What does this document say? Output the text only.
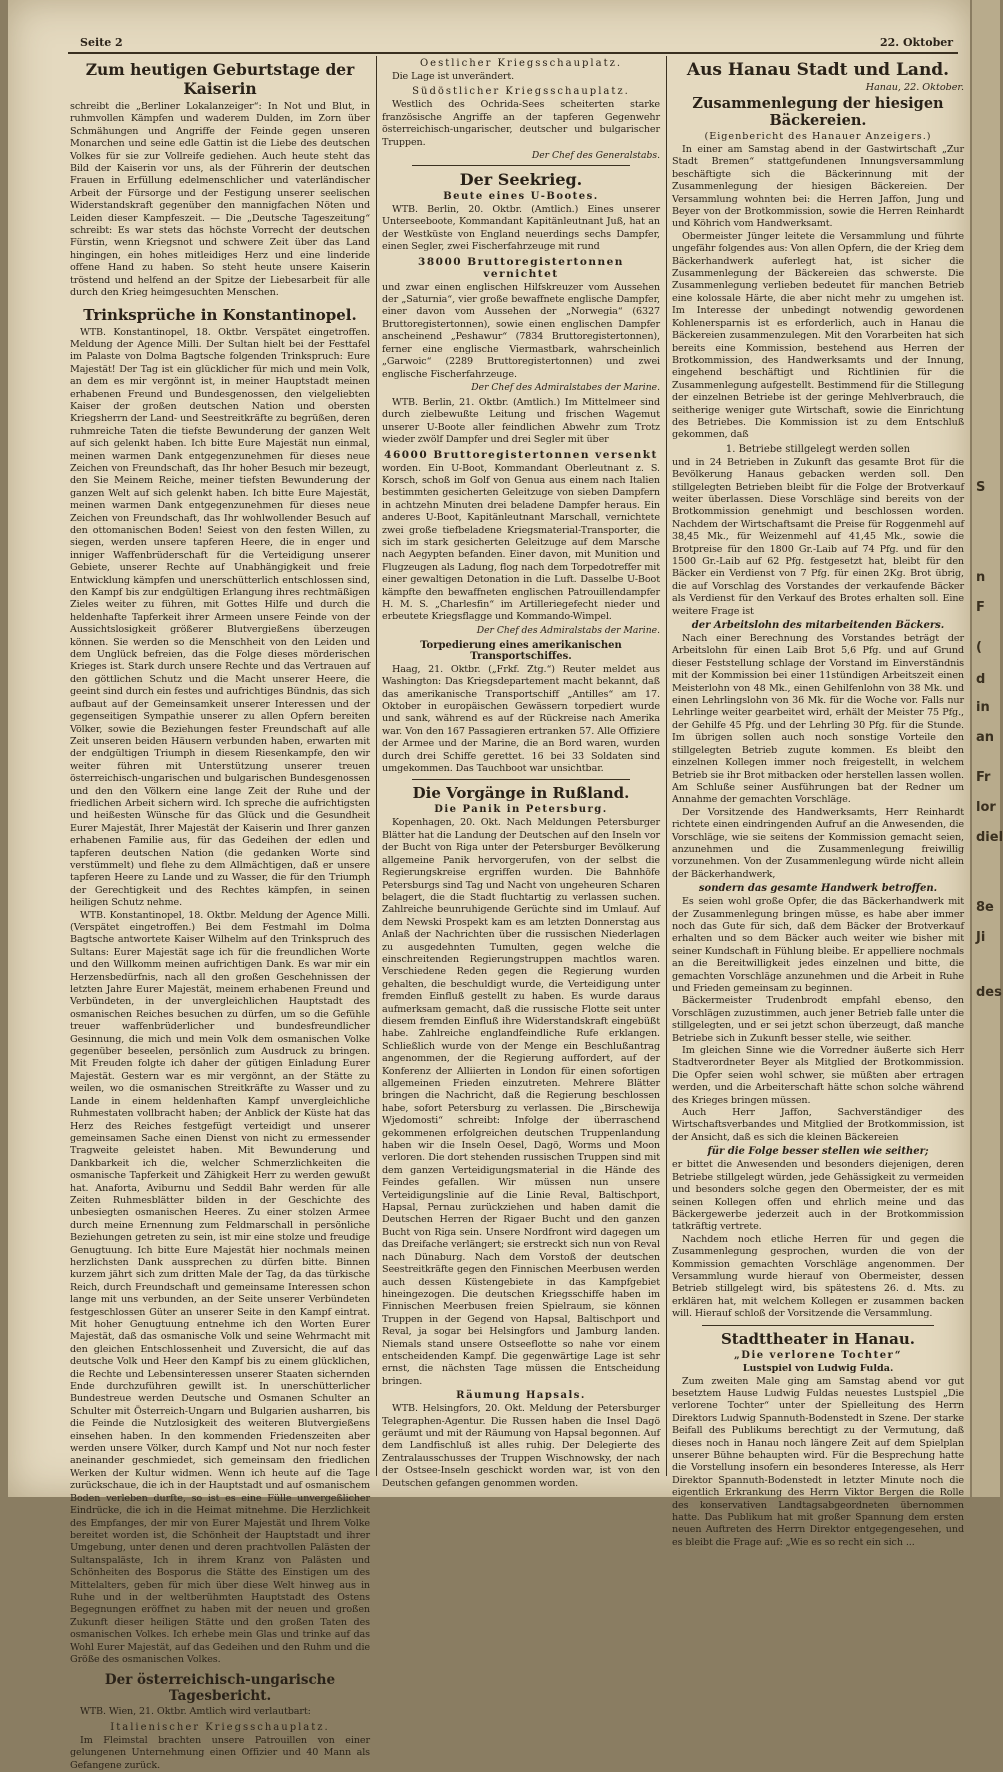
Seite 2	22. Oktober
Zum heutigen Geburtstage der Kaiserin

schreibt die „Berliner Lokalanzeiger“: In Not und Blut, in ruhmvollen Kämpfen und waderem Dulden, im Zorn über Schmähungen und Angriffe der Feinde gegen unseren Monarchen und seine edle Gattin ist die Liebe des deutschen Volkes für sie zur Vollreife gediehen. Auch heute steht das Bild der Kaiserin vor uns, als der Führerin der deutschen Frauen in Erfüllung edelmenschlicher und vaterländischer Arbeit der Fürsorge und der Festigung unserer seelischen Widerstandskraft gegenüber den mannigfachen Nöten und Leiden dieser Kampfeszeit. — Die „Deutsche Tageszeitung“ schreibt: Es war stets das höchste Vorrecht der deutschen Fürstin, wenn Kriegsnot und schwere Zeit über das Land hingingen, ein hohes mitleidiges Herz und eine linderide offene Hand zu haben. So steht heute unsere Kaiserin tröstend und helfend an der Spitze der Liebesarbeit für alle durch den Krieg heimgesuchten Menschen.

Trinksprüche in Konstantinopel.

WTB. Konstantinopel, 18. Oktbr. Verspätet eingetroffen. Meldung der Agence Milli. Der Sultan hielt bei der Festtafel im Palaste von Dolma Bagtsche folgenden Trinkspruch: Eure Majestät! Der Tag ist ein glücklicher für mich und mein Volk, an dem es mir vergönnt ist, in meiner Hauptstadt meinen erhabenen Freund und Bundesgenossen, den vielgeliebten Kaiser der großen deutschen Nation und obersten Kriegsherrn der Land- und Seestreitkräfte zu begrüßen, deren ruhmreiche Taten die tiefste Bewunderung der ganzen Welt auf sich gelenkt haben. Ich bitte Eure Majestät nun einmal, meinen warmen Dank entgegenzunehmen für dieses neue Zeichen von Freundschaft, das Ihr hoher Besuch mir bezeugt, den Sie Meinem Reiche, meiner tiefsten Bewunderung der ganzen Welt auf sich gelenkt haben. Ich bitte Eure Majestät, meinen warmen Dank entgegenzunehmen für dieses neue Zeichen von Freundschaft, das Ihr wohlwollender Besuch auf den ottomanischen Boden! Seiest von den festen Willen, zu siegen, werden unsere tapferen Heere, die in enger und inniger Waffenbrüderschaft für die Verteidigung unserer Gebiete, unserer Rechte auf Unabhängigkeit und freie Entwicklung kämpfen und unerschütterlich entschlossen sind, den Kampf bis zur endgültigen Erlangung ihres rechtmäßigen Zieles weiter zu führen, mit Gottes Hilfe und durch die heldenhafte Tapferkeit ihrer Armeen unsere Feinde von der Aussichtslosigkeit größerer Blutvergießens überzeugen können. Sie werden so die Menschheit von den Leiden und dem Unglück befreien, das die Folge dieses mörderischen Krieges ist. Stark durch unsere Rechte und das Vertrauen auf den göttlichen Schutz und die Macht unserer Heere, die geeint sind durch ein festes und aufrichtiges Bündnis, das sich aufbaut auf der Gemeinsamkeit unserer Interessen und der gegenseitigen Sympathie unserer zu allen Opfern bereiten Völker, sowie die Beziehungen fester Freundschaft auf alle Zeit unseren beiden Häusern verbunden haben, erwarten mit der endgültigen Triumph in diesem Riesenkampfe, den wir weiter führen mit Unterstützung unserer treuen österreichisch-ungarischen und bulgarischen Bundesgenossen und den den Völkern eine lange Zeit der Ruhe und der friedlichen Arbeit sichern wird. Ich spreche die aufrichtigsten und heißesten Wünsche für das Glück und die Gesundheit Eurer Majestät, Ihrer Majestät der Kaiserin und Ihrer ganzen erhabenen Familie aus, für das Gedeihen der edlen und tapferen deutschen Nation (die gedanken Worte sind verstümmelt) und flehe zu dem Allmächtigen, daß er unsere tapferen Heere zu Lande und zu Wasser, die für den Triumph der Gerechtigkeit und des Rechtes kämpfen, in seinen heiligen Schutz nehme.

WTB. Konstantinopel, 18. Oktbr. Meldung der Agence Milli. (Verspätet eingetroffen.) Bei dem Festmahl im Dolma Bagtsche antwortete Kaiser Wilhelm auf den Trinkspruch des Sultans: Eurer Majestät sage ich für die freundlichen Worte und den Willkomm meinen aufrichtigen Dank. Es war mir ein Herzensbedürfnis, nach all den großen Geschehnissen der letzten Jahre Eurer Majestät, meinem erhabenen Freund und Verbündeten, in der unvergleichlichen Hauptstadt des osmanischen Reiches besuchen zu dürfen, um so die Gefühle treuer waffenbrüderlicher und bundesfreundlicher Gesinnung, die mich und mein Volk dem osmanischen Volke gegenüber beseelen, persönlich zum Ausdruck zu bringen. Mit Freuden folgte ich daher der gütigen Einladung Eurer Majestät. Gestern war es mir vergönnt, an der Stätte zu weilen, wo die osmanischen Streitkräfte zu Wasser und zu Lande in einem heldenhaften Kampf unvergleichliche Ruhmestaten vollbracht haben; der Anblick der Küste hat das Herz des Reiches festgefügt verteidigt und unserer gemeinsamen Sache einen Dienst von nicht zu ermessender Tragweite geleistet haben. Mit Bewunderung und Dankbarkeit ich die, welcher Schmerzlichkeiten die osmanische Tapferkeit und Zähigkeit Herr zu werden gewußt hat. Anaforta, Aviburnu und Seddil Bahr werden für alle Zeiten Ruhmesblätter bilden in der Geschichte des unbesiegten osmanischen Heeres. Zu einer stolzen Armee durch meine Ernennung zum Feldmarschall in persönliche Beziehungen getreten zu sein, ist mir eine stolze und freudige Genugtuung. Ich bitte Eure Majestät hier nochmals meinen herzlichsten Dank aussprechen zu dürfen bitte. Binnen kurzem jährt sich zum dritten Male der Tag, da das türkische Reich, durch Freundschaft und gemeinsame Interessen schon lange mit uns verbunden, an der Seite unserer Verbündeten festgeschlossen Güter an unserer Seite in den Kampf eintrat. Mit hoher Genugtuung entnehme ich den Worten Eurer Majestät, daß das osmanische Volk und seine Wehrmacht mit den gleichen Entschlossenheit und Zuversicht, die auf das deutsche Volk und Heer den Kampf bis zu einem glücklichen, die Rechte und Lebensinteressen unserer Staaten sichernden Ende durchzuführen gewillt ist. In unerschütterlicher Bundestreue werden Deutsche und Osmanen Schulter an Schulter mit Österreich-Ungarn und Bulgarien ausharren, bis die Feinde die Nutzlosigkeit des weiteren Blutvergießens einsehen haben. In den kommenden Friedenszeiten aber werden unsere Völker, durch Kampf und Not nur noch fester aneinander geschmiedet, sich gemeinsam den friedlichen Werken der Kultur widmen. Wenn ich heute auf die Tage zurückschaue, die ich in der Hauptstadt und auf osmanischem Boden verleben durfte, so ist es eine Fülle unvergeßlicher Eindrücke, die ich in die Heimat mitnehme. Die Herzlichkeit des Empfanges, der mir von Eurer Majestät und Ihrem Volke bereitet worden ist, die Schönheit der Hauptstadt und ihrer Umgebung, unter denen und deren prachtvollen Palästen der Sultanspaläste, Ich in ihrem Kranz von Palästen und Schönheiten des Bosporus die Stätte des Einstigen um des Mittelalters, geben für mich über diese Welt hinweg aus in Ruhe und in der weltberühmten Hauptstadt des Ostens Begegnungen eröffnet zu haben mit der neuen und großen Zukunft dieser heiligen Stätte und den großen Taten des osmanischen Volkes. Ich erhebe mein Glas und trinke auf das Wohl Eurer Majestät, auf das Gedeihen und den Ruhm und die Größe des osmanischen Volkes.

Der österreichisch-ungarische Tagesbericht.

WTB. Wien, 21. Oktbr. Amtlich wird verlautbart:

Italienischer Kriegsschauplatz.

Im Fleimstal brachten unsere Patrouillen von einer gelungenen Unternehmung einen Offizier und 40 Mann als Gefangene zurück.

Oestlicher Kriegsschauplatz.

Die Lage ist unverändert.

Südöstlicher Kriegsschauplatz.

Westlich des Ochrida-Sees scheiterten starke französische Angriffe an der tapferen Gegenwehr österreichisch-ungarischer, deutscher und bulgarischer Truppen.

Der Chef des Generalstabs.
Der Seekrieg.
Beute eines U-Bootes.

WTB. Berlin, 20. Oktbr. (Amtlich.) Eines unserer Unterseeboote, Kommandant Kapitänleutnant Juß, hat an der Westküste von England neuerdings sechs Dampfer, einen Segler, zwei Fischerfahrzeuge mit rund

38000 Bruttoregistertonnen vernichtet

und zwar einen englischen Hilfskreuzer vom Aussehen der „Saturnia“, vier große bewaffnete englische Dampfer, einer davon vom Aussehen der „Norwegia“ (6327 Bruttoregistertonnen), sowie einen englischen Dampfer anscheinend „Peshawur“ (7834 Bruttoregistertonnen), ferner eine englische Viermastbark, wahrscheinlich „Garwoic“ (2289 Bruttoregistertonnen) und zwei englische Fischerfahrzeuge.

Der Chef des Admiralstabes der Marine.

WTB. Berlin, 21. Oktbr. (Amtlich.) Im Mittelmeer sind durch zielbewußte Leitung und frischen Wagemut unserer U-Boote aller feindlichen Abwehr zum Trotz wieder zwölf Dampfer und drei Segler mit über

46000 Bruttoregistertonnen versenkt

worden. Ein U-Boot, Kommandant Oberleutnant z. S. Korsch, schoß im Golf von Genua aus einem nach Italien bestimmten gesicherten Geleitzuge von sieben Dampfern in achtzehn Minuten drei beladene Dampfer heraus. Ein anderes U-Boot, Kapitänleutnant Marschall, vernichtete zwei große tiefbeladene Kriegsmaterial-Transporter, die sich im stark gesicherten Geleitzuge auf dem Marsche nach Aegypten befanden. Einer davon, mit Munition und Flugzeugen als Ladung, flog nach dem Torpedotreffer mit einer gewaltigen Detonation in die Luft. Dasselbe U-Boot kämpfte den bewaffneten englischen Patrouillendampfer H. M. S. „Charlesfin“ im Artilleriegefecht nieder und erbeutete Kriegsflagge und Kommando-Wimpel.

Der Chef des Admiralstabs der Marine.
Torpedierung eines amerikanischen Transportschiffes.

Haag, 21. Oktbr. („Frkf. Ztg.“) Reuter meldet aus Washington: Das Kriegsdepartement macht bekannt, daß das amerikanische Transportschiff „Antilles“ am 17. Oktober in europäischen Gewässern torpediert wurde und sank, während es auf der Rückreise nach Amerika war. Von den 167 Passagieren ertranken 57. Alle Offiziere der Armee und der Marine, die an Bord waren, wurden durch drei Schiffe gerettet. 16 bei 33 Soldaten sind umgekommen. Das Tauchboot war unsichtbar.

Die Vorgänge in Rußland.
Die Panik in Petersburg.

Kopenhagen, 20. Okt. Nach Meldungen Petersburger Blätter hat die Landung der Deutschen auf den Inseln vor der Bucht von Riga unter der Petersburger Bevölkerung allgemeine Panik hervorgerufen, von der selbst die Regierungskreise ergriffen wurden. Die Bahnhöfe Petersburgs sind Tag und Nacht von ungeheuren Scharen belagert, die die Stadt fluchtartig zu verlassen suchen. Zahlreiche beunruhigende Gerüchte sind im Umlauf. Auf dem Newski Prospekt kam es am letzten Donnerstag aus Anlaß der Nachrichten über die russischen Niederlagen zu ausgedehnten Tumulten, gegen welche die einschreitenden Regierungstruppen machtlos waren. Verschiedene Reden gegen die Regierung wurden gehalten, die beschuldigt wurde, die Verteidigung unter fremden Einfluß gestellt zu haben. Es wurde daraus aufmerksam gemacht, daß die russische Flotte seit unter diesem fremden Einfluß ihre Widerstandskraft eingebüßt habe. Zahlreiche englandfeindliche Rufe erklangen. Schließlich wurde von der Menge ein Beschlußantrag angenommen, der die Regierung auffordert, auf der Konferenz der Alliierten in London für einen sofortigen allgemeinen Frieden einzutreten. Mehrere Blätter bringen die Nachricht, daß die Regierung beschlossen habe, sofort Petersburg zu verlassen. Die „Birschewija Wjedomosti“ schreibt: Infolge der überraschend gekommenen erfolgreichen deutschen Truppenlandung haben wir die Inseln Oesel, Dagö, Worms und Moon verloren. Die dort stehenden russischen Truppen sind mit dem ganzen Verteidigungsmaterial in die Hände des Feindes gefallen. Wir müssen nun unsere Verteidigungslinie auf die Linie Reval, Baltischport, Hapsal, Pernau zurückziehen und haben damit die Deutschen Herren der Rigaer Bucht und den ganzen Bucht von Riga sein. Unsere Nordfront wird dagegen um das Dreifache verlängert; sie erstreckt sich nun von Reval nach Dünaburg. Nach dem Vorstoß der deutschen Seestreitkräfte gegen den Finnischen Meerbusen werden auch dessen Küstengebiete in das Kampfgebiet hineingezogen. Die deutschen Kriegsschiffe haben im Finnischen Meerbusen freien Spielraum, sie können Truppen in der Gegend von Hapsal, Baltischport und Reval, ja sogar bei Helsingfors und Jamburg landen. Niemals stand unsere Ostseeflotte so nahe vor einem entscheidenden Kampf. Die gegenwärtige Lage ist sehr ernst, die nächsten Tage müssen die Entscheidung bringen.

Räumung Hapsals.

WTB. Helsingfors, 20. Okt. Meldung der Petersburger Telegraphen-Agentur. Die Russen haben die Insel Dagö geräumt und mit der Räumung von Hapsal begonnen. Auf dem Landfischluß ist alles ruhig. Der Delegierte des Zentralausschusses der Truppen Wischnowsky, der nach der Ostsee-Inseln geschickt worden war, ist von den Deutschen gefangen genommen worden.

Aus Hanau Stadt und Land.
Hanau, 22. Oktober.
Zusammenlegung der hiesigen Bäckereien.
(Eigenbericht des Hanauer Anzeigers.)

In einer am Samstag abend in der Gastwirtschaft „Zur Stadt Bremen“ stattgefundenen Innungsversammlung beschäftigte sich die Bäckerinnung mit der Zusammenlegung der hiesigen Bäckereien. Der Versammlung wohnten bei: die Herren Jaffon, Jung und Beyer von der Brotkommission, sowie die Herren Reinhardt und Köhrich vom Handwerksamt.

Obermeister Jünger leitete die Versammlung und führte ungefähr folgendes aus: Von allen Opfern, die der Krieg dem Bäckerhandwerk auferlegt hat, ist sicher die Zusammenlegung der Bäckereien das schwerste. Die Zusammenlegung verlieben bedeutet für manchen Betrieb eine kolossale Härte, die aber nicht mehr zu umgehen ist. Im Interesse der unbedingt notwendig gewordenen Kohlenersparnis ist es erforderlich, auch in Hanau die Bäckereien zusammenzulegen. Mit den Vorarbeiten hat sich bereits eine Kommission, bestehend aus Herren der Brotkommission, des Handwerksamts und der Innung, eingehend beschäftigt und Richtlinien für die Zusammenlegung aufgestellt. Bestimmend für die Stillegung der einzelnen Betriebe ist der geringe Mehlverbrauch, die seitherige weniger gute Wirtschaft, sowie die Einrichtung des Betriebes. Die Kommission ist zu dem Entschluß gekommen, daß

1. Betriebe stillgelegt werden sollen

und in 24 Betrieben in Zukunft das gesamte Brot für die Bevölkerung Hanaus gebacken werden soll. Den stillgelegten Betrieben bleibt für die Folge der Brotverkauf weiter überlassen. Diese Vorschläge sind bereits von der Brotkommission genehmigt und beschlossen worden. Nachdem der Wirtschaftsamt die Preise für Roggenmehl auf 38,45 Mk., für Weizenmehl auf 41,45 Mk., sowie die Brotpreise für den 1800 Gr.-Laib auf 74 Pfg. und für den 1500 Gr.-Laib auf 62 Pfg. festgesetzt hat, bleibt für den Bäcker ein Verdienst von 7 Pfg. für einen 2Kg. Brot übrig, die auf Vorschlag des Vorstandes der verkaufende Bäcker als Verdienst für den Verkauf des Brotes erhalten soll. Eine weitere Frage ist

der Arbeitslohn des mitarbeitenden Bäckers.

Nach einer Berechnung des Vorstandes beträgt der Arbeitslohn für einen Laib Brot 5,6 Pfg. und auf Grund dieser Feststellung schlage der Vorstand im Einverständnis mit der Kommission bei einer 11stündigen Arbeitszeit einen Meisterlohn von 48 Mk., einen Gehilfenlohn von 38 Mk. und einen Lehrlingslohn von 36 Mk. für die Woche vor. Falls nur Lehrlinge weiter gearbeitet wird, erhält der Meister 75 Pfg., der Gehilfe 45 Pfg. und der Lehrling 30 Pfg. für die Stunde. Im übrigen sollen auch noch sonstige Vorteile den stillgelegten Betrieb zugute kommen. Es bleibt den einzelnen Kollegen immer noch freigestellt, in welchem Betrieb sie ihr Brot mitbacken oder herstellen lassen wollen. Am Schluße seiner Ausführungen bat der Redner um Annahme der gemachten Vorschläge.

Der Vorsitzende des Handwerksamts, Herr Reinhardt richtete einen eindringenden Aufruf an die Anwesenden, die Vorschläge, wie sie seitens der Kommission gemacht seien, anzunehmen und die Zusammenlegung freiwillig vorzunehmen. Von der Zusammenlegung würde nicht allein der Bäckerhandwerk,

sondern das gesamte Handwerk betroffen.

Es seien wohl große Opfer, die das Bäckerhandwerk mit der Zusammenlegung bringen müsse, es habe aber immer noch das Gute für sich, daß dem Bäcker der Brotverkauf erhalten und so dem Bäcker auch weiter wie bisher mit seiner Kundschaft in Fühlung bleibe. Er appelliere nochmals an die Bereitwilligkeit jedes einzelnen und bitte, die gemachten Vorschläge anzunehmen und die Arbeit in Ruhe und Frieden gemeinsam zu beginnen.

Bäckermeister Trudenbrodt empfahl ebenso, den Vorschlägen zuzustimmen, auch jener Betrieb falle unter die stillgelegten, und er sei jetzt schon überzeugt, daß manche Betriebe sich in Zukunft besser stelle, wie seither.

Im gleichen Sinne wie die Vorredner äußerte sich Herr Stadtverordneter Beyer als Mitglied der Brotkommission. Die Opfer seien wohl schwer, sie müßten aber ertragen werden, und die Arbeiterschaft hätte schon solche während des Krieges bringen müssen.

Auch Herr Jaffon, Sachverständiger des Wirtschaftsverbandes und Mitglied der Brotkommission, ist der Ansicht, daß es sich die kleinen Bäckereien

für die Folge besser stellen wie seither;

er bittet die Anwesenden und besonders diejenigen, deren Betriebe stillgelegt würden, jede Gehässigkeit zu vermeiden und besonders solche gegen den Obermeister, der es mit seinen Kollegen offen und ehrlich meine und das Bäckergewerbe jederzeit auch in der Brotkommission tatkräftig vertrete.

Nachdem noch etliche Herren für und gegen die Zusammenlegung gesprochen, wurden die von der Kommission gemachten Vorschläge angenommen. Der Versammlung wurde hierauf von Obermeister, dessen Betrieb stillgelegt wird, bis spätestens 26. d. Mts. zu erklären hat, mit welchem Kollegen er zusammen backen will. Hierauf schloß der Vorsitzende die Versammlung.

Stadttheater in Hanau.
„Die verlorene Tochter“
Lustspiel von Ludwig Fulda.

Zum zweiten Male ging am Samstag abend vor gut besetztem Hause Ludwig Fuldas neuestes Lustspiel „Die verlorene Tochter“ unter der Spielleitung des Herrn Direktors Ludwig Spannuth-Bodenstedt in Szene. Der starke Beifall des Publikums berechtigt zu der Vermutung, daß dieses noch in Hanau noch längere Zeit auf dem Spielplan unserer Bühne behaupten wird. Für die Besprechung hatte die Vorstellung insofern ein besonderes Interesse, als Herr Direktor Spannuth-Bodenstedt in letzter Minute noch die eigentlich Erkrankung des Herrn Viktor Bergen die Rolle des konservativen Landtagsabgeordneten übernommen hatte. Das Publikum hat mit großer Spannung dem ersten neuen Auftreten des Herrn Direktor entgegengesehen, und es bleibt die Frage auf: „Wie es so recht ein sich ...

S
n
F
(
d
in
an
Fr
lor
diel
8e
Ji
des
